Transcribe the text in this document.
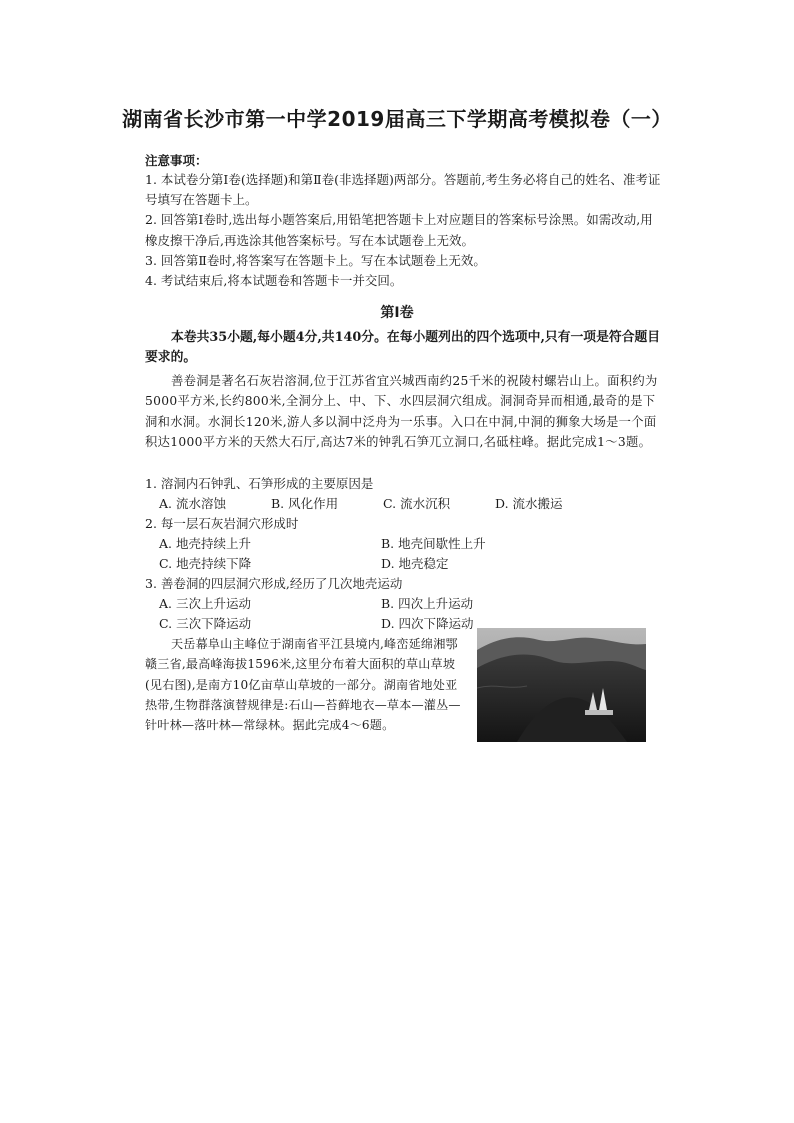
湖南省长沙市第一中学2019届高三下学期高考模拟卷（一）
注意事项：

1. 本试卷分第Ⅰ卷(选择题)和第Ⅱ卷(非选择题)两部分。答题前,考生务必将自己的姓名、准考证号填写在答题卡上。

2. 回答第Ⅰ卷时,选出每小题答案后,用铅笔把答题卡上对应题目的答案标号涂黑。如需改动,用橡皮擦干净后,再选涂其他答案标号。写在本试题卷上无效。

3. 回答第Ⅱ卷时,将答案写在答题卡上。写在本试题卷上无效。

4. 考试结束后,将本试题卷和答题卡一并交回。

第Ⅰ卷
本卷共35小题,每小题4分,共140分。在每小题列出的四个选项中,只有一项是符合题目要求的。
善卷洞是著名石灰岩溶洞,位于江苏省宜兴城西南约25千米的祝陵村螺岩山上。面积约为5000平方米,长约800米,全洞分上、中、下、水四层洞穴组成。洞洞奇异而相通,最奇的是下洞和水洞。水洞长120米,游人多以洞中泛舟为一乐事。入口在中洞,中洞的狮象大场是一个面积达1000平方米的天然大石厅,高达7米的钟乳石笋兀立洞口,名砥柱峰。据此完成1～3题。

1. 溶洞内石钟乳、石笋形成的主要原因是

A. 流水溶蚀	B. 风化作用	C. 流水沉积	D. 流水搬运

2. 每一层石灰岩洞穴形成时

A. 地壳持续上升	B. 地壳间歇性上升
C. 地壳持续下降	D. 地壳稳定

3. 善卷洞的四层洞穴形成,经历了几次地壳运动

A. 三次上升运动	B. 四次上升运动
C. 三次下降运动	D. 四次下降运动
天岳幕阜山主峰位于湖南省平江县境内,峰峦延绵湘鄂赣三省,最高峰海拔1596米,这里分布着大面积的草山草坡(见右图),是南方10亿亩草山草坡的一部分。湖南省地处亚热带,生物群落演替规律是:石山—苔藓地衣—草本—灌丛—针叶林—落叶林—常绿林。据此完成4～6题。
